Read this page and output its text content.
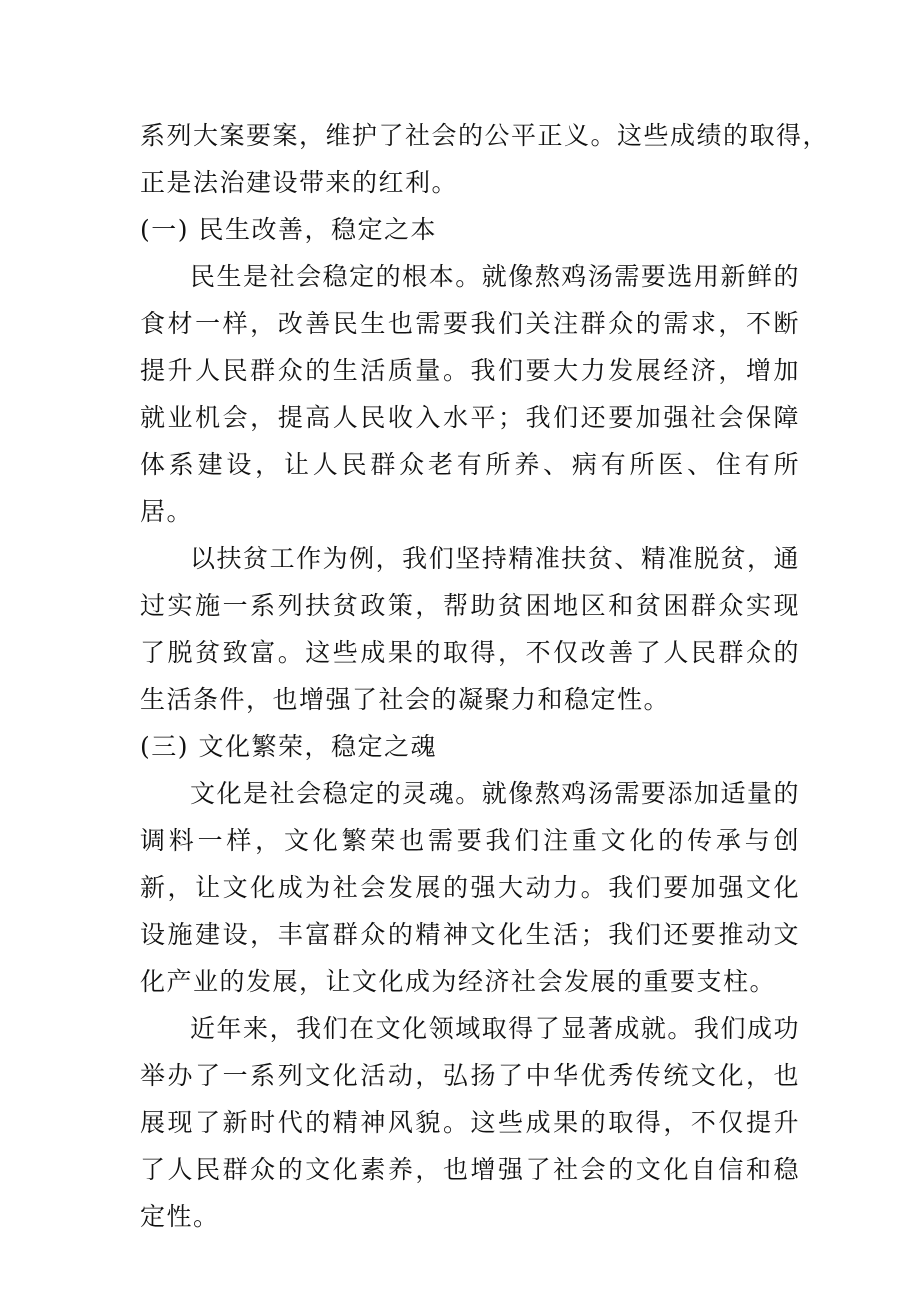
系列大案要案，维护了社会的公平正义。这些成绩的取得，
正是法治建设带来的红利。

(一) 民生改善，稳定之本

民生是社会稳定的根本。就像熬鸡汤需要选用新鲜的食材一样，改善民生也需要我们关注群众的需求，不断提升人民群众的生活质量。我们要大力发展经济，增加就业机会，提高人民收入水平；我们还要加强社会保障体系建设，让人民群众老有所养、病有所医、住有所居。

以扶贫工作为例，我们坚持精准扶贫、精准脱贫，通过实施一系列扶贫政策，帮助贫困地区和贫困群众实现了脱贫致富。这些成果的取得，不仅改善了人民群众的生活条件，也增强了社会的凝聚力和稳定性。

(三) 文化繁荣，稳定之魂

文化是社会稳定的灵魂。就像熬鸡汤需要添加适量的调料一样，文化繁荣也需要我们注重文化的传承与创新，让文化成为社会发展的强大动力。我们要加强文化设施建设，丰富群众的精神文化生活；我们还要推动文化产业的发展，让文化成为经济社会发展的重要支柱。

近年来，我们在文化领域取得了显著成就。我们成功举办了一系列文化活动，弘扬了中华优秀传统文化，也展现了新时代的精神风貌。这些成果的取得，不仅提升了人民群众的文化素养，也增强了社会的文化自信和稳定性。
